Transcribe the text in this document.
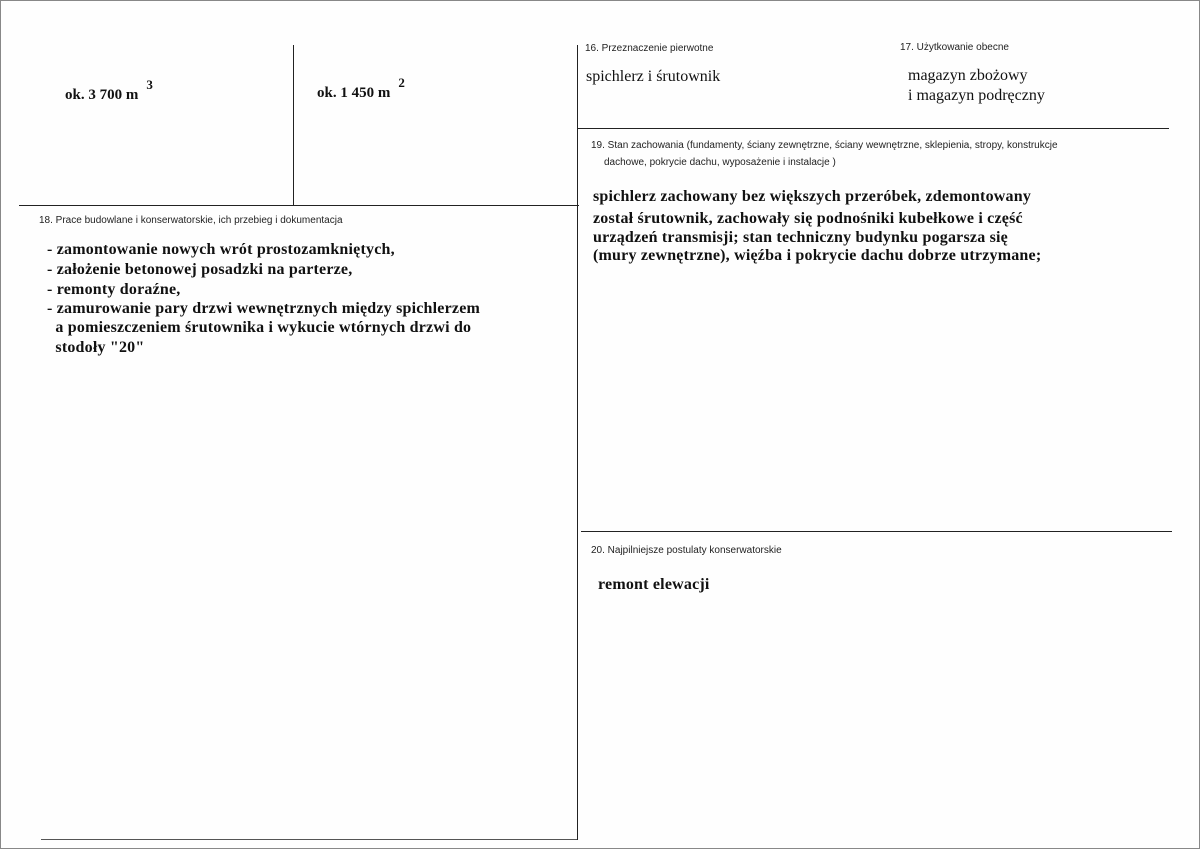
ok. 3 700 $m^3$
ok. 1 450 $m^2$
16. Przeznaczenie pierwotne
spichlerz i śrutownik
17. Użytkowanie obecne
magazyn zbożowy
i magazyn podręczny
19. Stan zachowania (fundamenty, ściany zewnętrzne, ściany wewnętrzne, sklepienia, stropy, konstrukcje
dachowe, pokrycie dachu, wyposażenie i instalacje )
spichlerz zachowany bez większych przeróbek, zdemontowany
został śrutownik, zachowały się podnośniki kubełkowe i część
urządzeń transmisji; stan techniczny budynku pogarsza się
(mury zewnętrzne), więźba i pokrycie dachu dobrze utrzymane;
18. Prace budowlane i konserwatorskie, ich przebieg i dokumentacja
- zamontowanie nowych wrót prostozamkniętych,
- założenie betonowej posadzki na parterze,
- remonty doraźne,
- zamurowanie pary drzwi wewnętrznych między spichlerzem
a pomieszczeniem śrutownika i wykucie wtórnych drzwi do
stodoły "20"
20. Najpilniejsze postulaty konserwatorskie
remont elewacji
